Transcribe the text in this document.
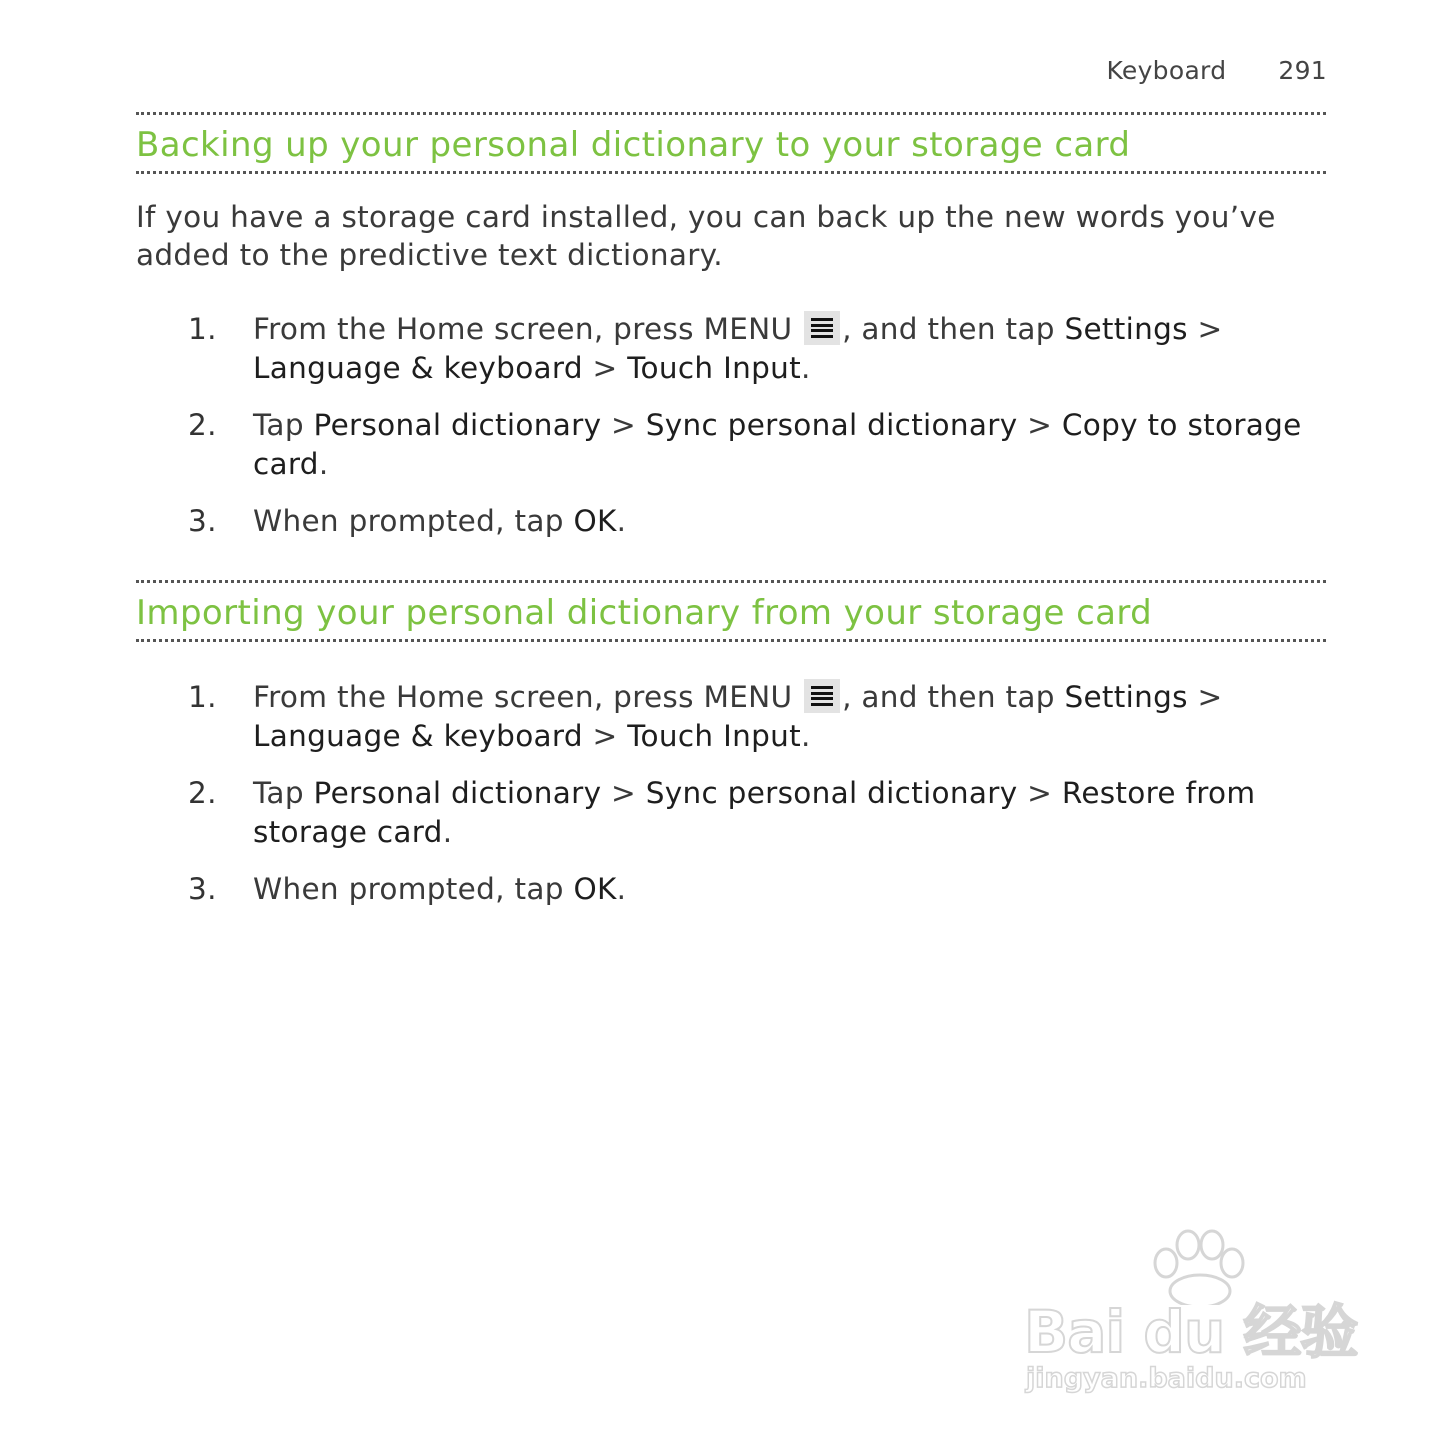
Keyboard 291
Backing up your personal dictionary to your storage card

If you have a storage card installed, you can back up the new words you’ve added to the predictive text dictionary.

1. From the Home screen, press MENU
, and then tap Settings > Language & keyboard > Touch Input.
2. Tap Personal dictionary > Sync personal dictionary > Copy to storage card.
3. When prompted, tap OK.
Importing your personal dictionary from your storage card
1. From the Home screen, press MENU
, and then tap Settings > Language & keyboard > Touch Input.
2. Tap Personal dictionary > Sync personal dictionary > Restore from storage card.
3. When prompted, tap OK.
Bai du 经验
jingyan.baidu.com
